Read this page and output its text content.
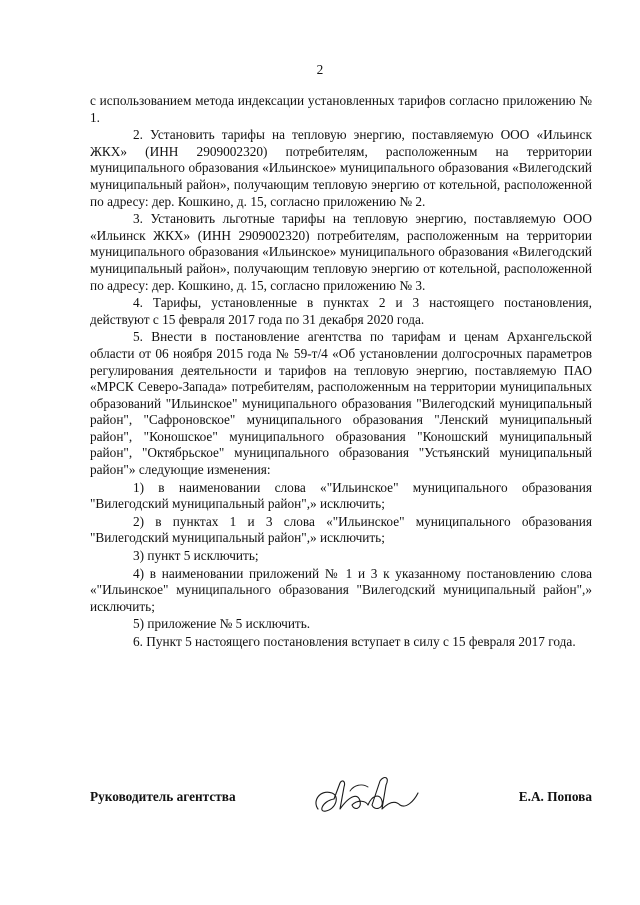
2

с использованием метода индексации установленных тарифов согласно приложению № 1.

2. Установить тарифы на тепловую энергию, поставляемую ООО «Ильинск ЖКХ» (ИНН 2909002320) потребителям, расположенным на территории муниципального образования «Ильинское» муниципального образования «Вилегодский муниципальный район», получающим тепловую энергию от котельной, расположенной по адресу: дер. Кошкино, д. 15, согласно приложению № 2.

3. Установить льготные тарифы на тепловую энергию, поставляемую ООО «Ильинск ЖКХ» (ИНН 2909002320) потребителям, расположенным на территории муниципального образования «Ильинское» муниципального образования «Вилегодский муниципальный район», получающим тепловую энергию от котельной, расположенной по адресу: дер. Кошкино, д. 15, согласно приложению № 3.

4. Тарифы, установленные в пунктах 2 и 3 настоящего постановления, действуют с 15 февраля 2017 года по 31 декабря 2020 года.

5. Внести в постановление агентства по тарифам и ценам Архангельской области от 06 ноября 2015 года № 59-т/4 «Об установлении долгосрочных параметров регулирования деятельности и тарифов на тепловую энергию, поставляемую ПАО «МРСК Северо-Запада» потребителям, расположенным на территории муниципальных образований "Ильинское" муниципального образования "Вилегодский муниципальный район", "Сафроновское" муниципального образования "Ленский муниципальный район", "Коношское" муниципального образования "Коношский муниципальный район", "Октябрьское" муниципального образования "Устьянский муниципальный район"» следующие изменения:

1) в наименовании слова «"Ильинское" муниципального образования "Вилегодский муниципальный район",» исключить;

2) в пунктах 1 и 3 слова «"Ильинское" муниципального образования "Вилегодский муниципальный район",» исключить;

3) пункт 5 исключить;

4) в наименовании приложений № 1 и 3 к указанному постановлению слова «"Ильинское" муниципального образования "Вилегодский муниципальный район",» исключить;

5) приложение № 5 исключить.

6. Пункт 5 настоящего постановления вступает в силу с 15 февраля 2017 года.

Руководитель агентства	Е.А. Попова
